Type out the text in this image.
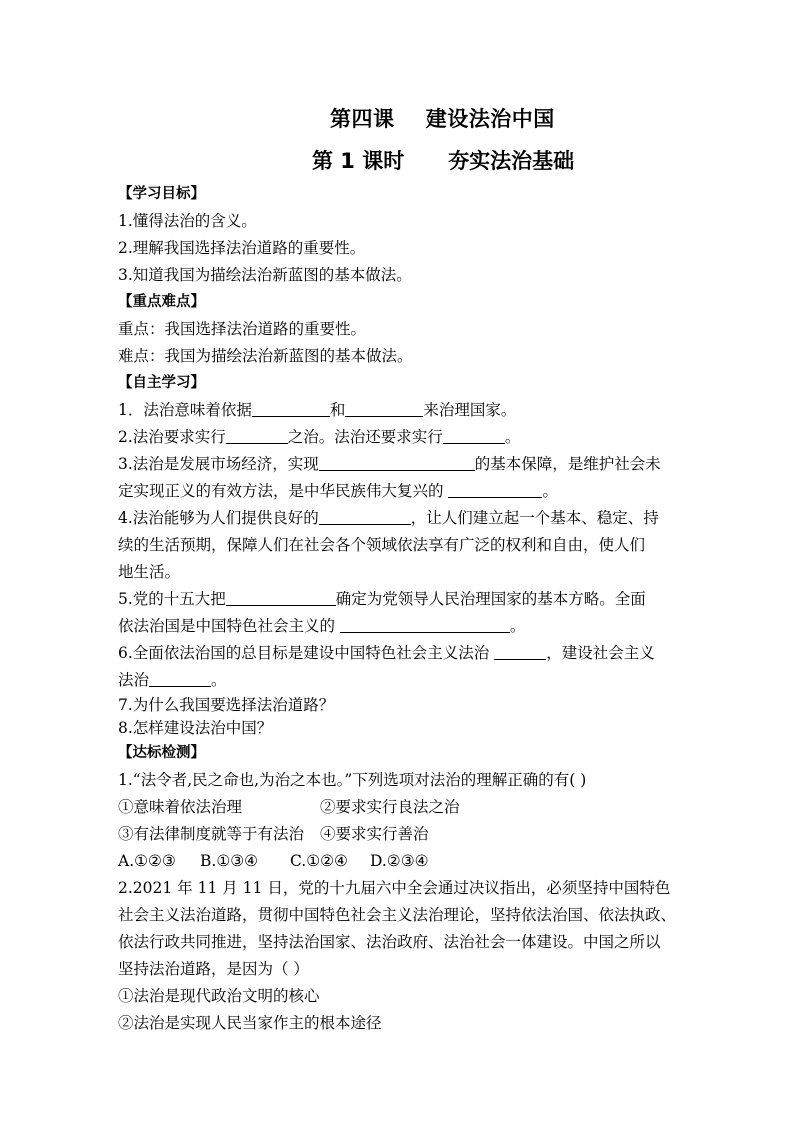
第四课    建设法治中国
第 1 课时      夯实法治基础
【学习目标】
1.懂得法治的含义。
2.理解我国选择法治道路的重要性。
3.知道我国为描绘法治新蓝图的基本做法。
【重点难点】
重点：我国选择法治道路的重要性。
难点：我国为描绘法治新蓝图的基本做法。
【自主学习】
1．法治意味着依据	和	来治理国家。
2.法治要求实行	之治。法治还要求实行	。
3.法治是发展市场经济，实现	的基本保障，是维护社会未
定实现正义的有效方法，是中华民族伟大复兴的	。
4.法治能够为人们提供良好的	，让人们建立起一个基本、稳定、持
续的生活预期，保障人们在社会各个领域依法享有广泛的权利和自由，使人们
地生活。
5.党的十五大把	确定为党领导人民治理国家的基本方略。全面
依法治国是中国特色社会主义的	。
6.全面依法治国的总目标是建设中国特色社会主义法治	，建设社会主义
法治	。
7.为什么我国要选择法治道路？
8.怎样建设法治中国？
【达标检测】
1.“法令者,民之命也,为治之本也。”下列选项对法治的理解正确的有( )
①意味着依法治理	②要求实行良法之治
③有法律制度就等于有法治 ④要求实行善治
A.①②③ B.①③④ C.①②④ D.②③④
2.2021 年 11 月 11 日，党的十九届六中全会通过决议指出，必须坚持中国特色
社会主义法治道路，贯彻中国特色社会主义法治理论，坚持依法治国、依法执政、
依法行政共同推进，坚持法治国家、法治政府、法治社会一体建设。中国之所以
坚持法治道路，是因为（ ）
①法治是现代政治文明的核心
②法治是实现人民当家作主的根本途径
